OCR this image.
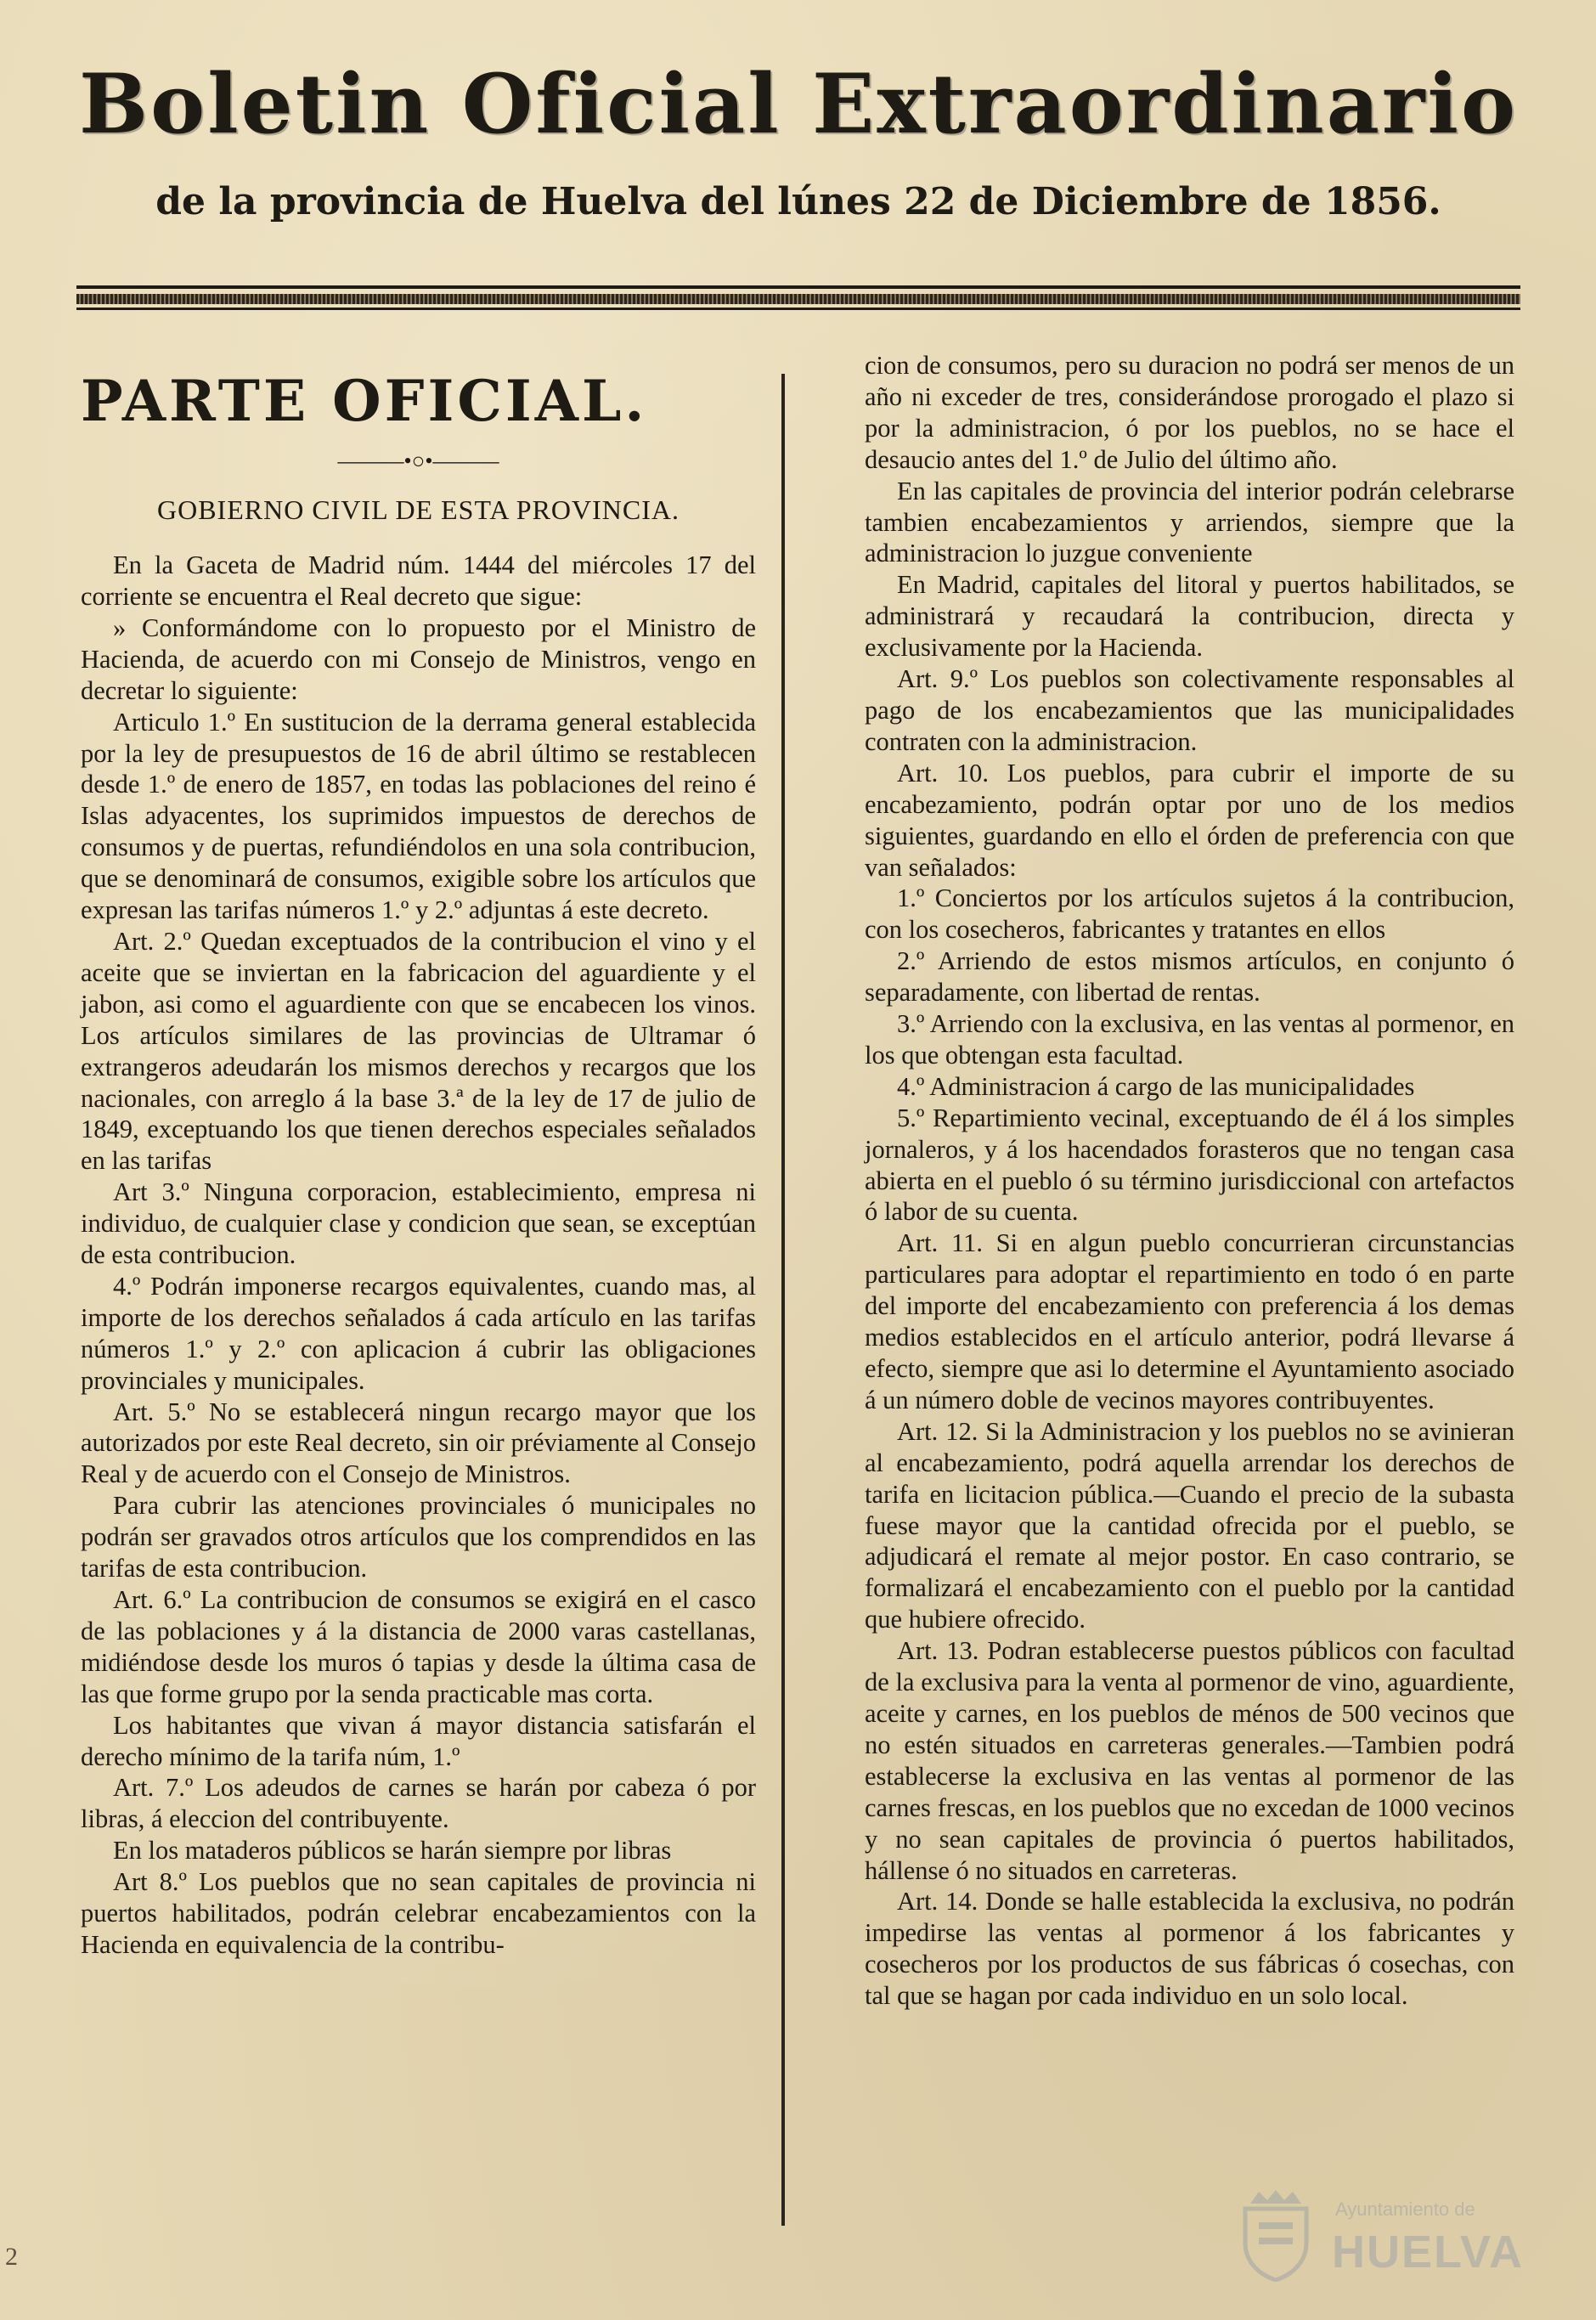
Boletin Oficial Extraordinario
de la provincia de Huelva del lúnes 22 de Diciembre de 1856.
PARTE OFICIAL.
———•○•———
GOBIERNO CIVIL DE ESTA PROVINCIA.

En la Gaceta de Madrid núm. 1444 del miércoles 17 del corriente se encuentra el Real decreto que sigue:

» Conformándome con lo propuesto por el Ministro de Hacienda, de acuerdo con mi Consejo de Ministros, vengo en decretar lo siguiente:

Articulo 1.º En sustitucion de la derrama general establecida por la ley de presupuestos de 16 de abril último se restablecen desde 1.º de enero de 1857, en todas las poblaciones del reino é Islas adyacentes, los suprimidos impuestos de derechos de consumos y de puertas, refundiéndolos en una sola contribucion, que se denominará de consumos, exigible sobre los artículos que expresan las tarifas números 1.º y 2.º adjuntas á este decreto.

Art. 2.º Quedan exceptuados de la contribucion el vino y el aceite que se inviertan en la fabricacion del aguardiente y el jabon, asi como el aguardiente con que se encabecen los vinos. Los artículos similares de las provincias de Ultramar ó extrangeros adeudarán los mismos derechos y recargos que los nacionales, con arreglo á la base 3.ª de la ley de 17 de julio de 1849, exceptuando los que tienen derechos especiales señalados en las tarifas

Art 3.º Ninguna corporacion, establecimiento, empresa ni individuo, de cualquier clase y condicion que sean, se exceptúan de esta contribucion.

4.º Podrán imponerse recargos equivalentes, cuando mas, al importe de los derechos señalados á cada artículo en las tarifas números 1.º y 2.º con aplicacion á cubrir las obligaciones provinciales y municipales.

Art. 5.º No se establecerá ningun recargo mayor que los autorizados por este Real decreto, sin oir préviamente al Consejo Real y de acuerdo con el Consejo de Ministros.

Para cubrir las atenciones provinciales ó municipales no podrán ser gravados otros artículos que los comprendidos en las tarifas de esta contribucion.

Art. 6.º La contribucion de consumos se exigirá en el casco de las poblaciones y á la distancia de 2000 varas castellanas, midiéndose desde los muros ó tapias y desde la última casa de las que forme grupo por la senda practicable mas corta.

Los habitantes que vivan á mayor distancia satisfarán el derecho mínimo de la tarifa núm, 1.º

Art. 7.º Los adeudos de carnes se harán por cabeza ó por libras, á eleccion del contribuyente.

En los mataderos públicos se harán siempre por libras

Art 8.º Los pueblos que no sean capitales de provincia ni puertos habilitados, podrán celebrar encabezamientos con la Hacienda en equivalencia de la contribu-

cion de consumos, pero su duracion no podrá ser menos de un año ni exceder de tres, considerándose prorogado el plazo si por la administracion, ó por los pueblos, no se hace el desaucio antes del 1.º de Julio del último año.

En las capitales de provincia del interior podrán celebrarse tambien encabezamientos y arriendos, siempre que la administracion lo juzgue conveniente

En Madrid, capitales del litoral y puertos habilitados, se administrará y recaudará la contribucion, directa y exclusivamente por la Hacienda.

Art. 9.º Los pueblos son colectivamente responsables al pago de los encabezamientos que las municipalidades contraten con la administracion.

Art. 10. Los pueblos, para cubrir el importe de su encabezamiento, podrán optar por uno de los medios siguientes, guardando en ello el órden de preferencia con que van señalados:

1.º Conciertos por los artículos sujetos á la contribucion, con los cosecheros, fabricantes y tratantes en ellos

2.º Arriendo de estos mismos artículos, en conjunto ó separadamente, con libertad de rentas.

3.º Arriendo con la exclusiva, en las ventas al pormenor, en los que obtengan esta facultad.

4.º Administracion á cargo de las municipalidades

5.º Repartimiento vecinal, exceptuando de él á los simples jornaleros, y á los hacendados forasteros que no tengan casa abierta en el pueblo ó su término jurisdiccional con artefactos ó labor de su cuenta.

Art. 11. Si en algun pueblo concurrieran circunstancias particulares para adoptar el repartimiento en todo ó en parte del importe del encabezamiento con preferencia á los demas medios establecidos en el artículo anterior, podrá llevarse á efecto, siempre que asi lo determine el Ayuntamiento asociado á un número doble de vecinos mayores contribuyentes.

Art. 12. Si la Administracion y los pueblos no se avinieran al encabezamiento, podrá aquella arrendar los derechos de tarifa en licitacion pública.—Cuando el precio de la subasta fuese mayor que la cantidad ofrecida por el pueblo, se adjudicará el remate al mejor postor. En caso contrario, se formalizará el encabezamiento con el pueblo por la cantidad que hubiere ofrecido.

Art. 13. Podran establecerse puestos públicos con facultad de la exclusiva para la venta al pormenor de vino, aguardiente, aceite y carnes, en los pueblos de ménos de 500 vecinos que no estén situados en carreteras generales.—Tambien podrá establecerse la exclusiva en las ventas al pormenor de las carnes frescas, en los pueblos que no excedan de 1000 vecinos y no sean capitales de provincia ó puertos habilitados, hállense ó no situados en carreteras.

Art. 14. Donde se halle establecida la exclusiva, no podrán impedirse las ventas al pormenor á los fabricantes y cosecheros por los productos de sus fábricas ó cosechas, con tal que se hagan por cada individuo en un solo local.

2
Ayuntamiento de
HUELVA
